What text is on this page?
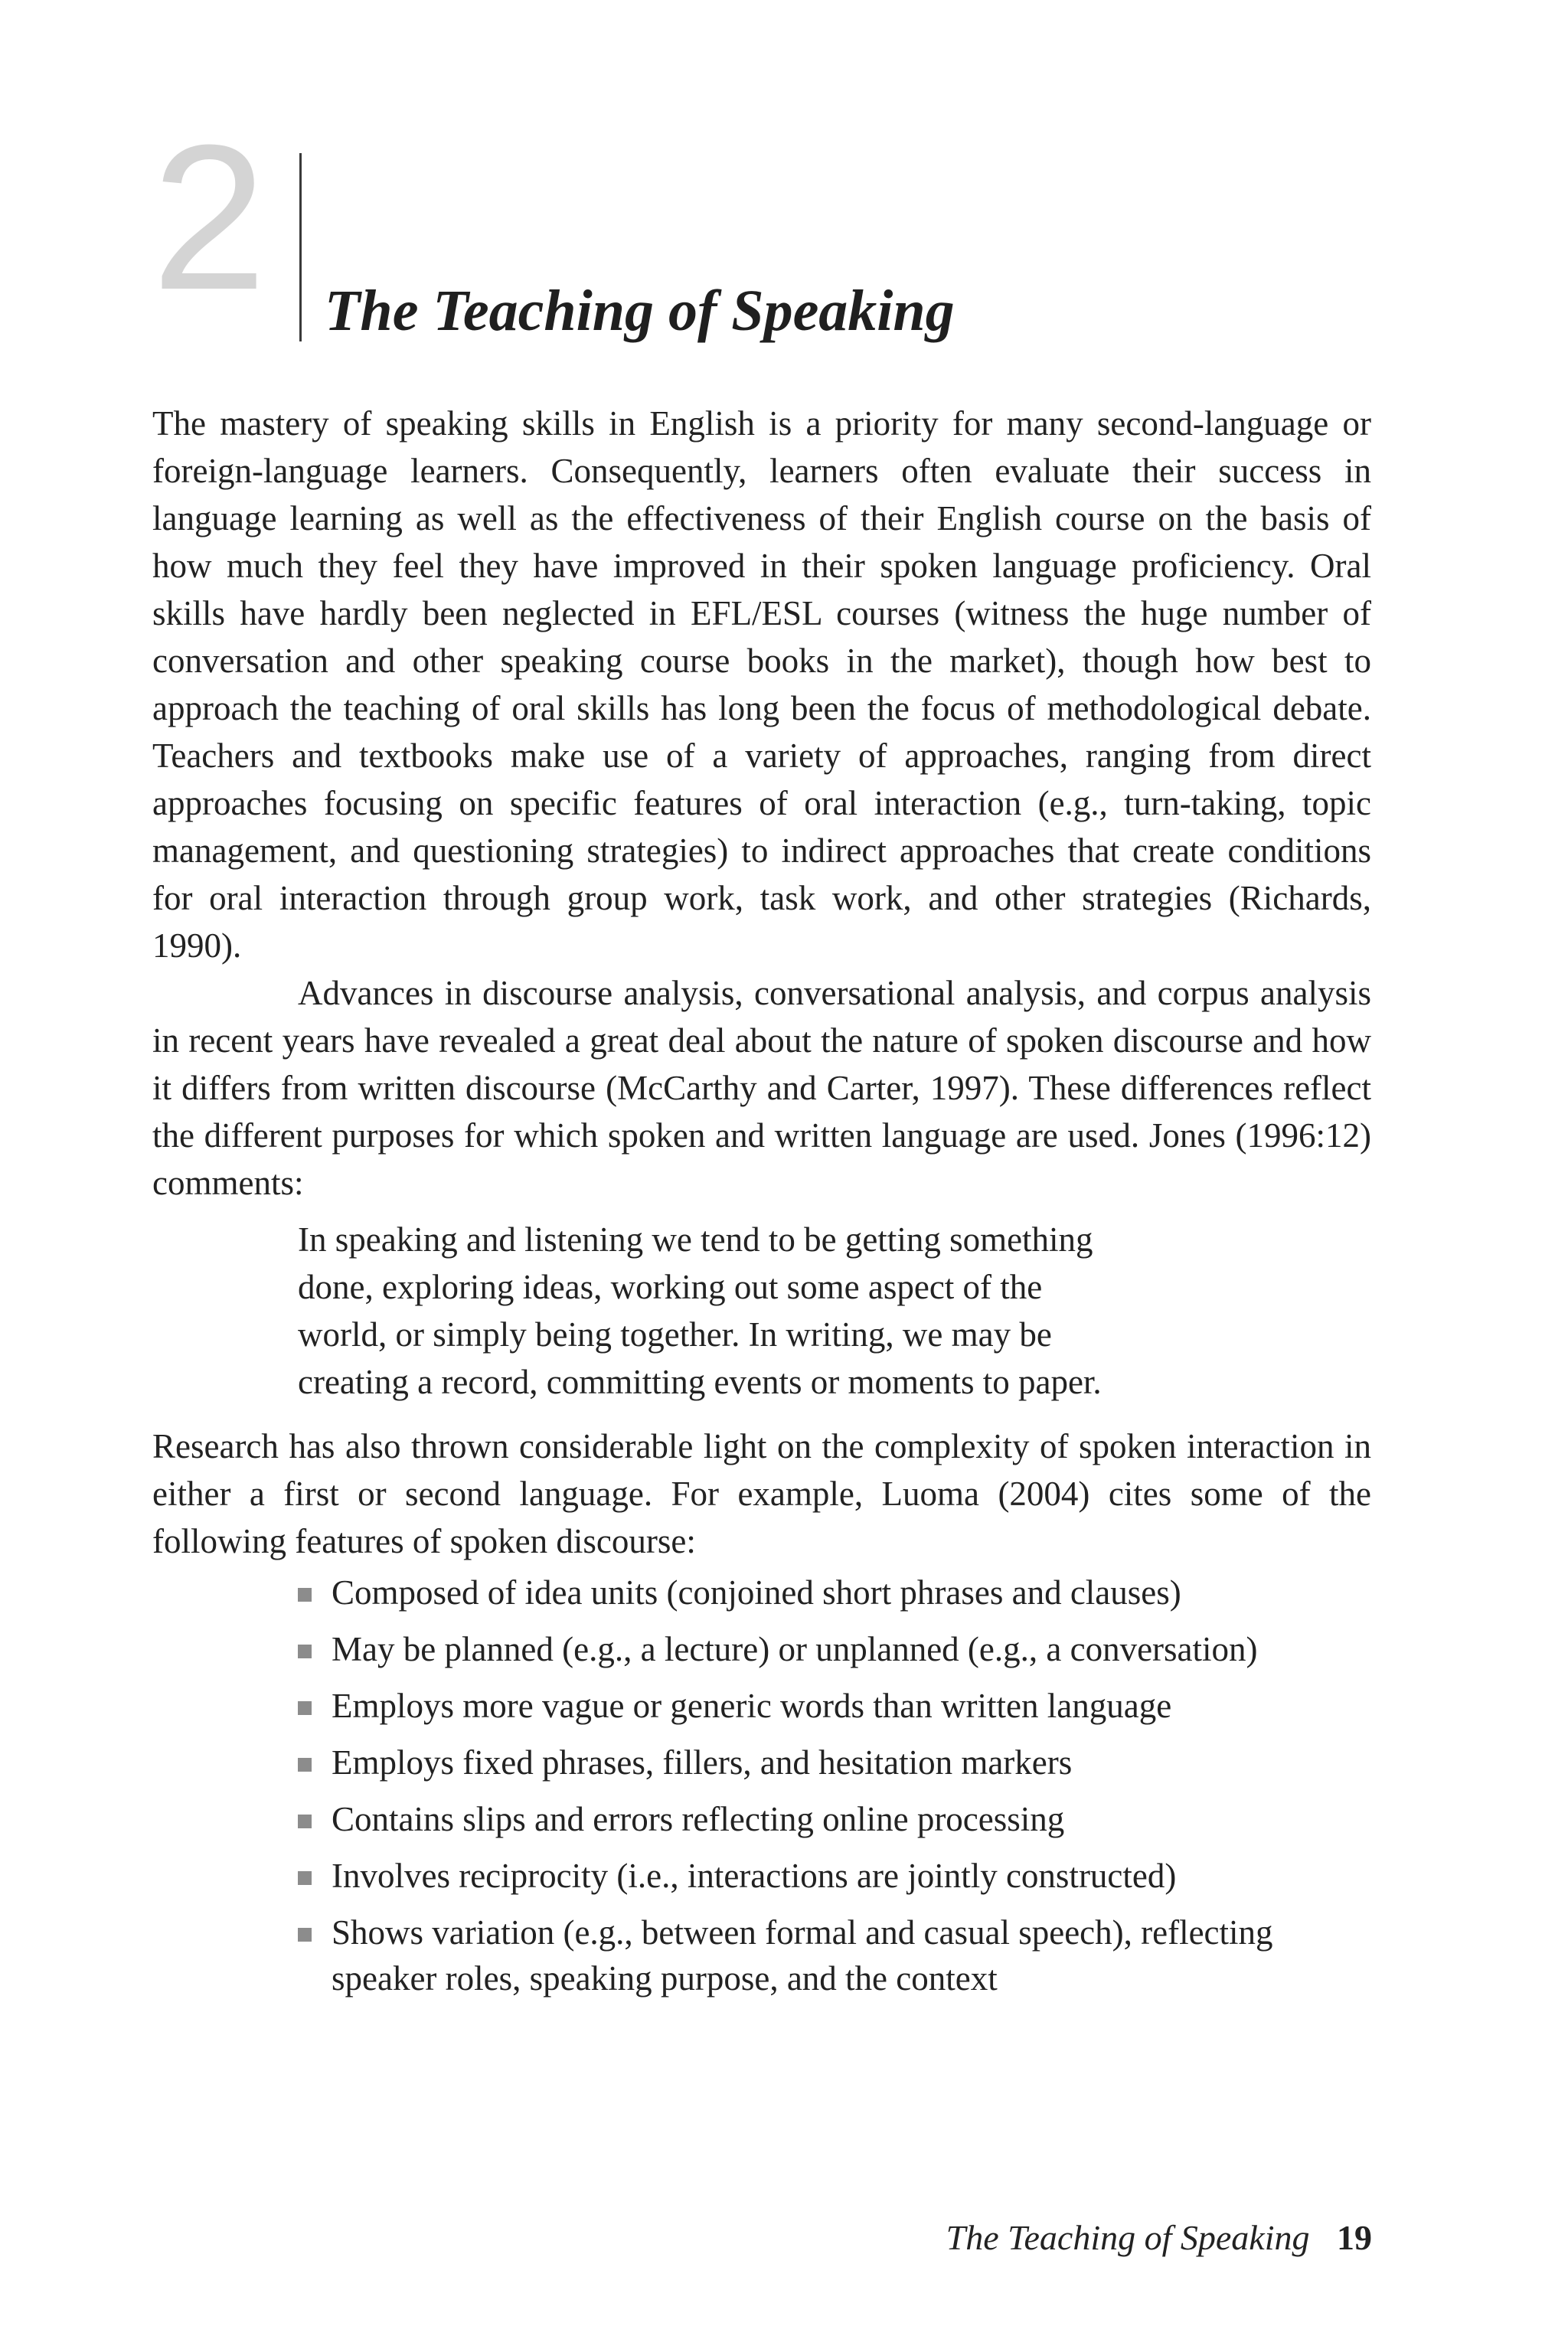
2 The Teaching of Speaking

The mastery of speaking skills in English is a priority for many second-language or foreign-language learners. Consequently, learners often evaluate their success in language learning as well as the effectiveness of their English course on the basis of how much they feel they have improved in their spoken language proficiency. Oral skills have hardly been neglected in EFL/ESL courses (witness the huge number of conversation and other speaking course books in the market), though how best to approach the teaching of oral skills has long been the focus of methodological debate. Teachers and textbooks make use of a variety of approaches, ranging from direct approaches focusing on specific features of oral interaction (e.g., turn-taking, topic management, and questioning strategies) to indirect approaches that create conditions for oral interaction through group work, task work, and other strategies (Richards, 1990).

Advances in discourse analysis, conversational analysis, and corpus analysis in recent years have revealed a great deal about the nature of spoken discourse and how it differs from written discourse (McCarthy and Carter, 1997). These differences reflect the different purposes for which spoken and written language are used. Jones (1996:12) comments:

In speaking and listening we tend to be getting something
done, exploring ideas, working out some aspect of the
world, or simply being together. In writing, we may be
creating a record, committing events or moments to paper.

Research has also thrown considerable light on the complexity of spoken interaction in either a first or second language. For example, Luoma (2004) cites some of the following features of spoken discourse:

Composed of idea units (conjoined short phrases and clauses)
May be planned (e.g., a lecture) or unplanned (e.g., a conversation)
Employs more vague or generic words than written language
Employs fixed phrases, fillers, and hesitation markers
Contains slips and errors reflecting online processing
Involves reciprocity (i.e., interactions are jointly constructed)
Shows variation (e.g., between formal and casual speech), reflecting speaker roles, speaking purpose, and the context
The Teaching of Speaking 19
